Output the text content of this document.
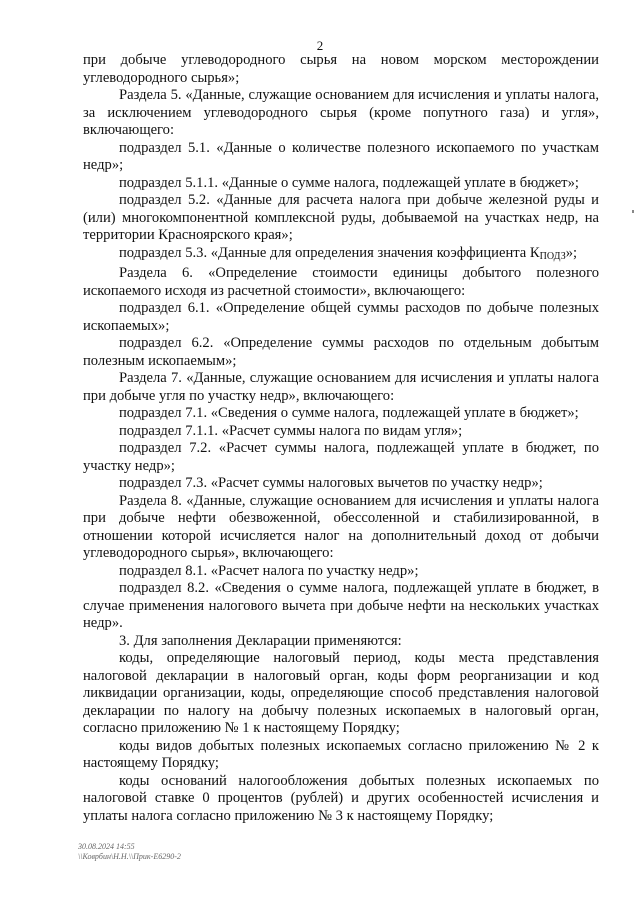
2

при добыче углеводородного сырья на новом морском месторождении углеводородного сырья»;

Раздела 5. «Данные, служащие основанием для исчисления и уплаты налога, за исключением углеводородного сырья (кроме попутного газа) и угля», включающего:

подраздел 5.1. «Данные о количестве полезного ископаемого по участкам недр»;

подраздел 5.1.1. «Данные о сумме налога, подлежащей уплате в бюджет»;

подраздел 5.2. «Данные для расчета налога при добыче железной руды и (или) многокомпонентной комплексной руды, добываемой на участках недр, на территории Красноярского края»;

подраздел 5.3. «Данные для определения значения коэффициента $К_{ПОДЗ}$»;

Раздела 6. «Определение стоимости единицы добытого полезного ископаемого исходя из расчетной стоимости», включающего:

подраздел 6.1. «Определение общей суммы расходов по добыче полезных ископаемых»;

подраздел 6.2. «Определение суммы расходов по отдельным добытым полезным ископаемым»;

Раздела 7. «Данные, служащие основанием для исчисления и уплаты налога при добыче угля по участку недр», включающего:

подраздел 7.1. «Сведения о сумме налога, подлежащей уплате в бюджет»;

подраздел 7.1.1. «Расчет суммы налога по видам угля»;

подраздел 7.2. «Расчет суммы налога, подлежащей уплате в бюджет, по участку недр»;

подраздел 7.3. «Расчет суммы налоговых вычетов по участку недр»;

Раздела 8. «Данные, служащие основанием для исчисления и уплаты налога при добыче нефти обезвоженной, обессоленной и стабилизированной, в отношении которой исчисляется налог на дополнительный доход от добычи углеводородного сырья», включающего:

подраздел 8.1. «Расчет налога по участку недр»;

подраздел 8.2. «Сведения о сумме налога, подлежащей уплате в бюджет, в случае применения налогового вычета при добыче нефти на нескольких участках недр».

3. Для заполнения Декларации применяются:

коды, определяющие налоговый период, коды места представления налоговой декларации в налоговый орган, коды форм реорганизации и код ликвидации организации, коды, определяющие способ представления налоговой декларации по налогу на добычу полезных ископаемых в налоговый орган, согласно приложению № 1 к настоящему Порядку;

коды видов добытых полезных ископаемых согласно приложению № 2 к настоящему Порядку;

коды оснований налогообложения добытых полезных ископаемых по налоговой ставке 0 процентов (рублей) и других особенностей исчисления и уплаты налога согласно приложению № 3 к настоящему Порядку;

30.08.2024 14:55
\\Коврбин\Н.Н.\\Прик-Е6290-2
